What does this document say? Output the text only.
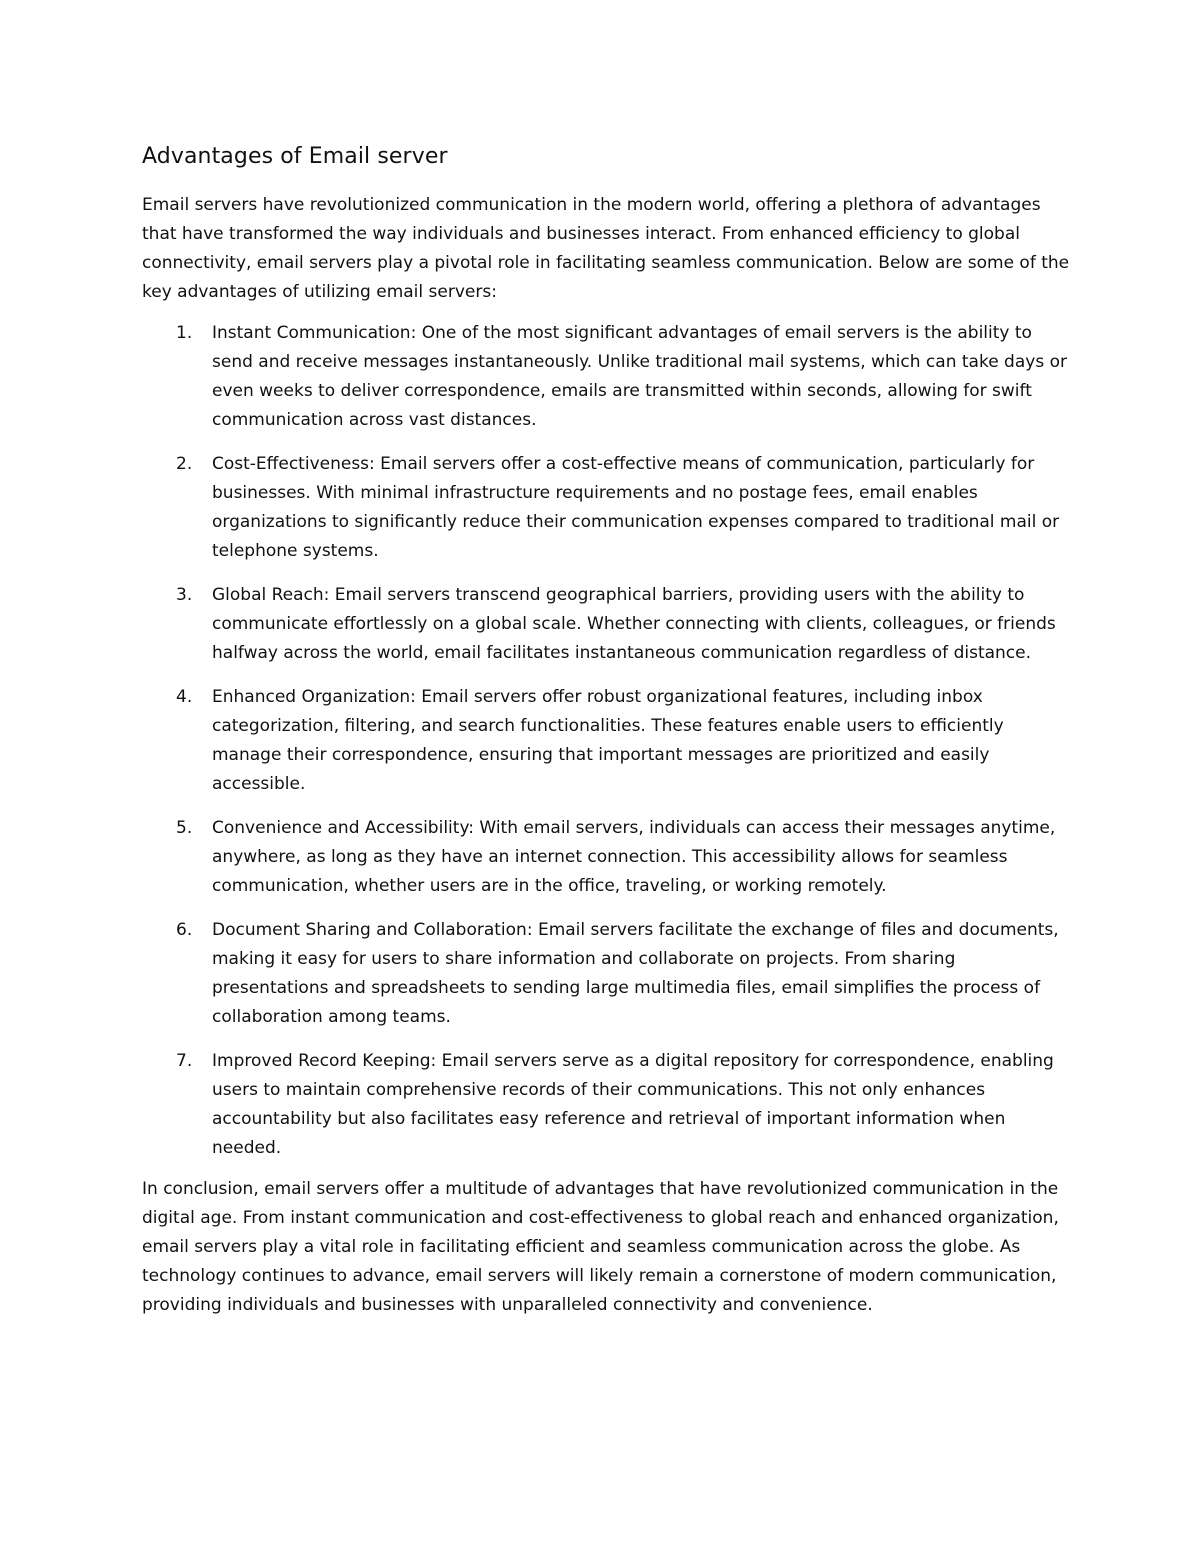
Advantages of Email server

Email servers have revolutionized communication in the modern world, offering a plethora of advantages that have transformed the way individuals and businesses interact. From enhanced efficiency to global connectivity, email servers play a pivotal role in facilitating seamless communication. Below are some of the key advantages of utilizing email servers:

1. Instant Communication: One of the most significant advantages of email servers is the ability to send and receive messages instantaneously. Unlike traditional mail systems, which can take days or even weeks to deliver correspondence, emails are transmitted within seconds, allowing for swift communication across vast distances.
2. Cost-Effectiveness: Email servers offer a cost-effective means of communication, particularly for businesses. With minimal infrastructure requirements and no postage fees, email enables organizations to significantly reduce their communication expenses compared to traditional mail or telephone systems.
3. Global Reach: Email servers transcend geographical barriers, providing users with the ability to communicate effortlessly on a global scale. Whether connecting with clients, colleagues, or friends halfway across the world, email facilitates instantaneous communication regardless of distance.
4. Enhanced Organization: Email servers offer robust organizational features, including inbox categorization, filtering, and search functionalities. These features enable users to efficiently manage their correspondence, ensuring that important messages are prioritized and easily accessible.
5. Convenience and Accessibility: With email servers, individuals can access their messages anytime, anywhere, as long as they have an internet connection. This accessibility allows for seamless communication, whether users are in the office, traveling, or working remotely.
6. Document Sharing and Collaboration: Email servers facilitate the exchange of files and documents, making it easy for users to share information and collaborate on projects. From sharing presentations and spreadsheets to sending large multimedia files, email simplifies the process of collaboration among teams.
7. Improved Record Keeping: Email servers serve as a digital repository for correspondence, enabling users to maintain comprehensive records of their communications. This not only enhances accountability but also facilitates easy reference and retrieval of important information when needed.

In conclusion, email servers offer a multitude of advantages that have revolutionized communication in the digital age. From instant communication and cost-effectiveness to global reach and enhanced organization, email servers play a vital role in facilitating efficient and seamless communication across the globe. As technology continues to advance, email servers will likely remain a cornerstone of modern communication, providing individuals and businesses with unparalleled connectivity and convenience.
